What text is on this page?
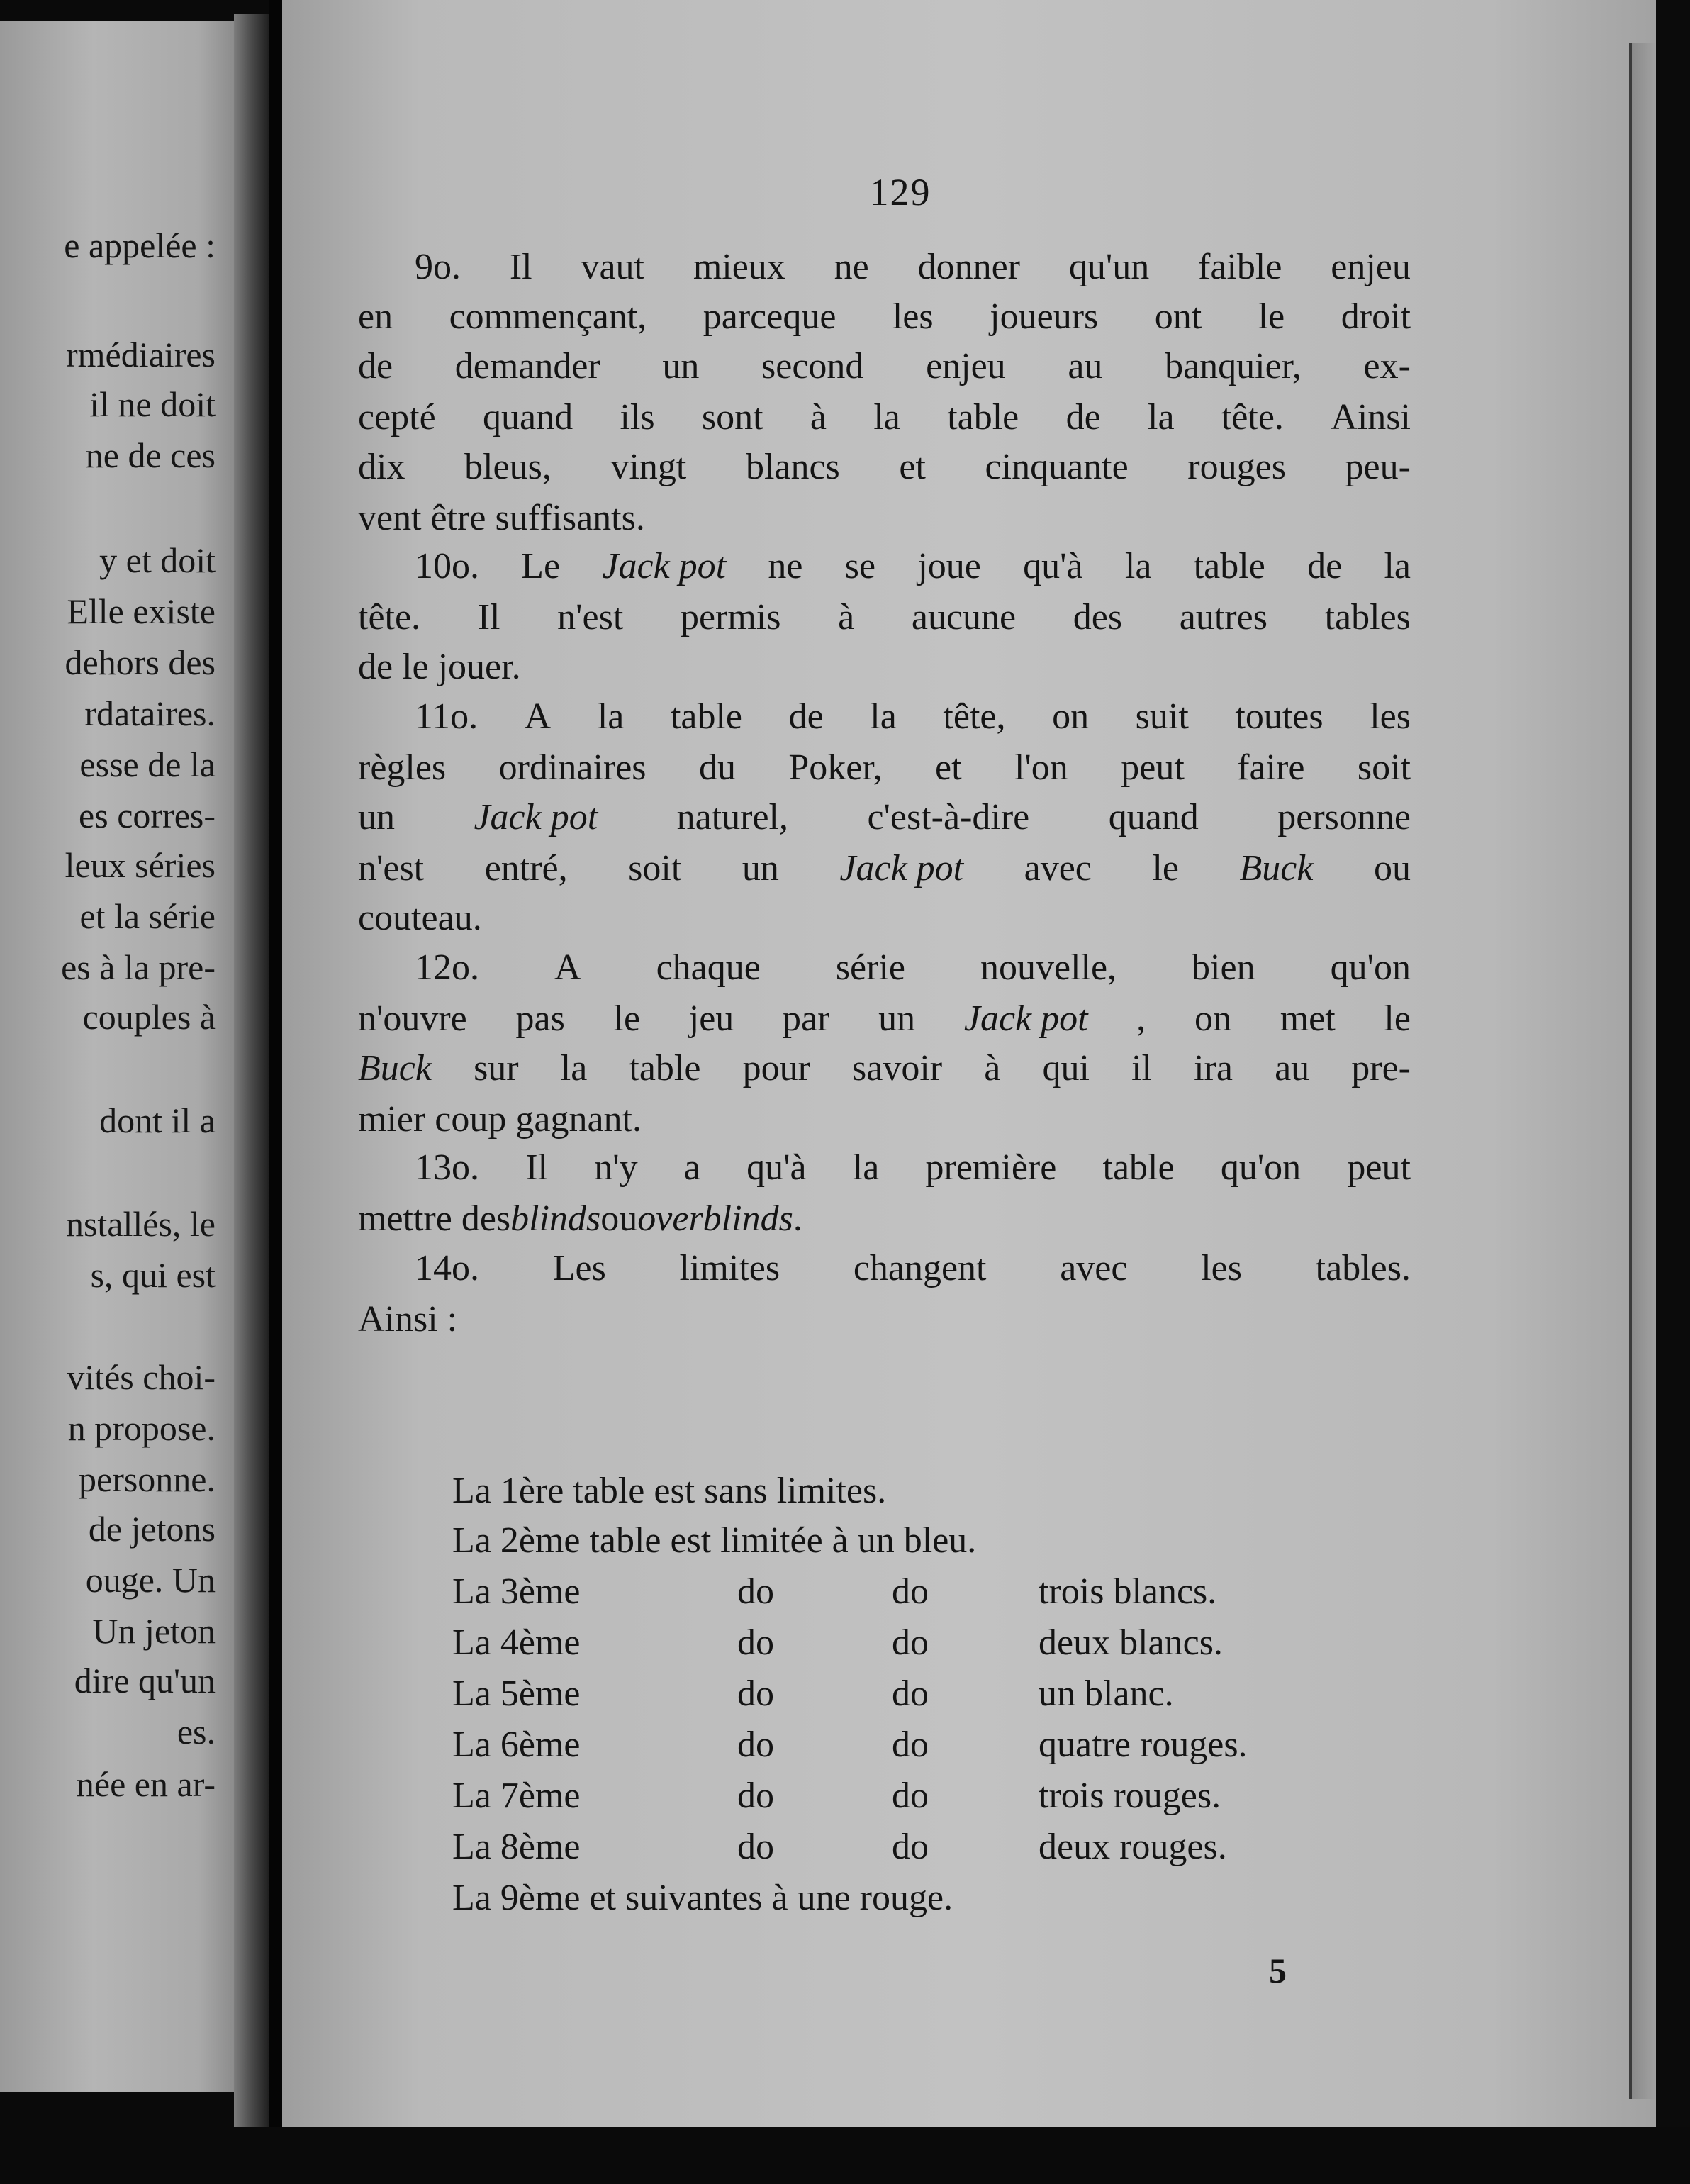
e appelée :
rmédiaires
il ne doit
ne de ces
y et doit
Elle existe
dehors des
rdataires.
esse de la
es corres-
leux séries
et la série
es à la pre-
couples à
dont il a
nstallés, le
s, qui est
vités choi-
n propose.
personne.
de jetons
ouge. Un
Un jeton
dire qu'un
es.
née en ar-
129
9o. Il vaut mieux ne donner qu'un faible enjeu
en commençant, parceque les joueurs ont le droit
de demander un second enjeu au banquier, ex-
cepté quand ils sont à la table de la tête. Ainsi
dix bleus, vingt blancs et cinquante rouges peu-
vent être suffisants.
10o. Le Jack pot ne se joue qu'à la table de la
tête. Il n'est permis à aucune des autres tables
de le jouer.
11o. A la table de la tête, on suit toutes les
règles ordinaires du Poker, et l'on peut faire soit
un Jack pot naturel, c'est-à-dire quand personne
n'est entré, soit un Jack pot avec le Buck ou
couteau.
12o. A chaque série nouvelle, bien qu'on
n'ouvre pas le jeu par un Jack pot , on met le
Buck sur la table pour savoir à qui il ira au pre-
mier coup gagnant.
13o. Il n'y a qu'à la première table qu'on peut
mettre des blinds ou overblinds .
14o. Les limites changent avec les tables.
Ainsi :
La 1ère table est sans limites.
La 2ème table est limitée à un bleu.
La 3ème	do	do	trois blancs.
La 4ème	do	do	deux blancs.
La 5ème	do	do	un blanc.
La 6ème	do	do	quatre rouges.
La 7ème	do	do	trois rouges.
La 8ème	do	do	deux rouges.
La 9ème et suivantes à une rouge.
5
